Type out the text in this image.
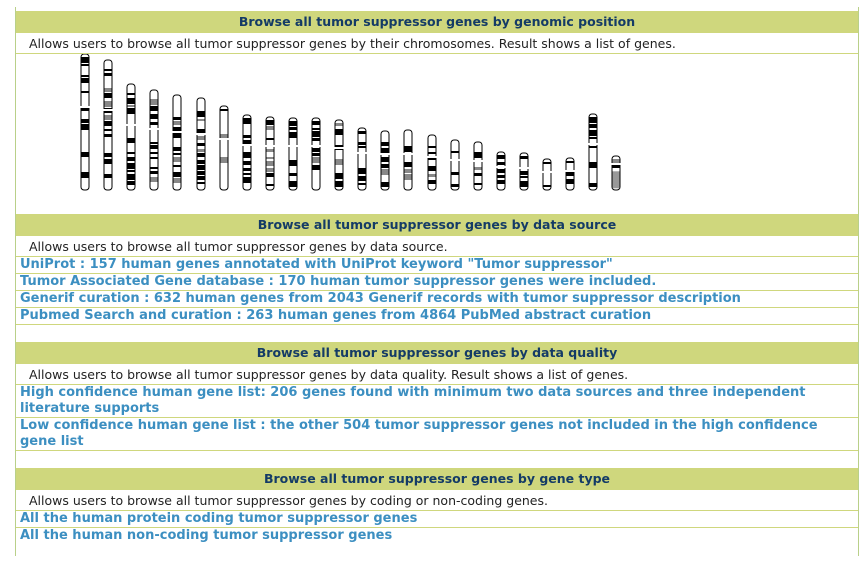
Browse all tumor suppressor genes by genomic position
Allows users to browse all tumor suppressor genes by their chromosomes. Result shows a list of genes.
Browse all tumor suppressor genes by data source
Allows users to browse all tumor suppressor genes by data source.
UniProt : 157 human genes annotated with UniProt keyword "Tumor suppressor"
Tumor Associated Gene database : 170 human tumor suppressor genes were included.
Generif curation : 632 human genes from 2043 Generif records with tumor suppressor description
Pubmed Search and curation : 263 human genes from 4864 PubMed abstract curation
Browse all tumor suppressor genes by data quality
Allows users to browse all tumor suppressor genes by data quality. Result shows a list of genes.
High confidence human gene list: 206 genes found with minimum two data sources and three independent literature supports
Low confidence human gene list : the other 504 tumor suppressor genes not included in the high confidence gene list
Browse all tumor suppressor genes by gene type
Allows users to browse all tumor suppressor genes by coding or non-coding genes.
All the human protein coding tumor suppressor genes
All the human non-coding tumor suppressor genes
